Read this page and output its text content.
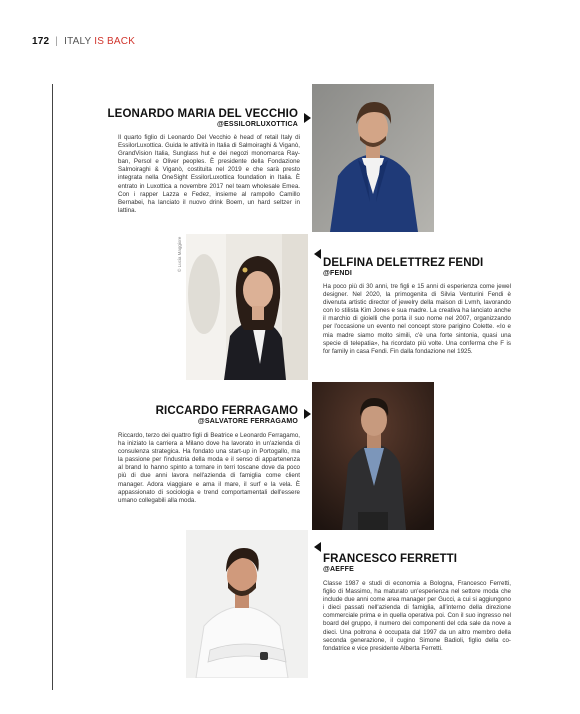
172 | ITALY IS BACK
LEONARDO MARIA DEL VECCHIO
@ESSILORLUXOTTICA
Il quarto figlio di Leonardo Del Vecchio è head of retail Italy di EssilorLuxottica. Guida le attività in Italia di Salmoiraghi & Viganò, GrandVision Italia, Sunglass hut e dei negozi monomarca Ray-ban, Persol e Oliver peoples. È presidente della Fondazione Salmoiraghi & Viganò, costituita nel 2019 e che sarà presto integrata nella OneSight EssilorLuxottica foundation in Italia. È entrato in Luxottica a novembre 2017 nel team wholesale Emea. Con i rapper Lazza e Fedez, insieme al rampollo Camillo Bernabei, ha lanciato il nuovo drink Boem, un hard seltzer in lattina.
© Lucia Maggiore	DELFINA DELETTREZ FENDI
@FENDI
Ha poco più di 30 anni, tre figli e 15 anni di esperienza come jewel designer. Nel 2020, la primogenita di Silvia Venturini Fendi è divenuta artistic director of jewelry della maison di Lvmh, lavorando con lo stilista Kim Jones e sua madre. La creativa ha lanciato anche il marchio di gioielli che porta il suo nome nel 2007, organizzando per l'occasione un evento nel concept store parigino Colette. «Io e mia madre siamo molto simili, c'è una forte sintonia, quasi una specie di telepatia», ha ricordato più volte. Una conferma che F is for family in casa Fendi. Fin dalla fondazione nel 1925.
RICCARDO FERRAGAMO
@SALVATORE FERRAGAMO
Riccardo, terzo dei quattro figli di Beatrice e Leonardo Ferragamo, ha iniziato la carriera a Milano dove ha lavorato in un'azienda di consulenza strategica. Ha fondato una start-up in Portogallo, ma la passione per l'industria della moda e il senso di appartenenza al brand lo hanno spinto a tornare in terri toscane dove da poco più di due anni lavora nell'azienda di famiglia come client manager. Adora viaggiare e ama il mare, il surf e la vela. È appassionato di sociologia e trend comportamentali dell'essere umano collegabili alla moda.
FRANCESCO FERRETTI
@AEFFE
Classe 1987 e studi di economia a Bologna, Francesco Ferretti, figlio di Massimo, ha maturato un'esperienza nel settore moda che include due anni come area manager per Gucci, a cui si aggiungono i dieci passati nell'azienda di famiglia, all'interno della direzione commerciale prima e in quella operativa poi. Con il suo ingresso nel board del gruppo, il numero dei componenti del cda sale da nove a dieci. Una poltrona è occupata dal 1997 da un altro membro della seconda generazione, il cugino Simone Badioli, figlio della co-fondatrice e vice presidente Alberta Ferretti.
